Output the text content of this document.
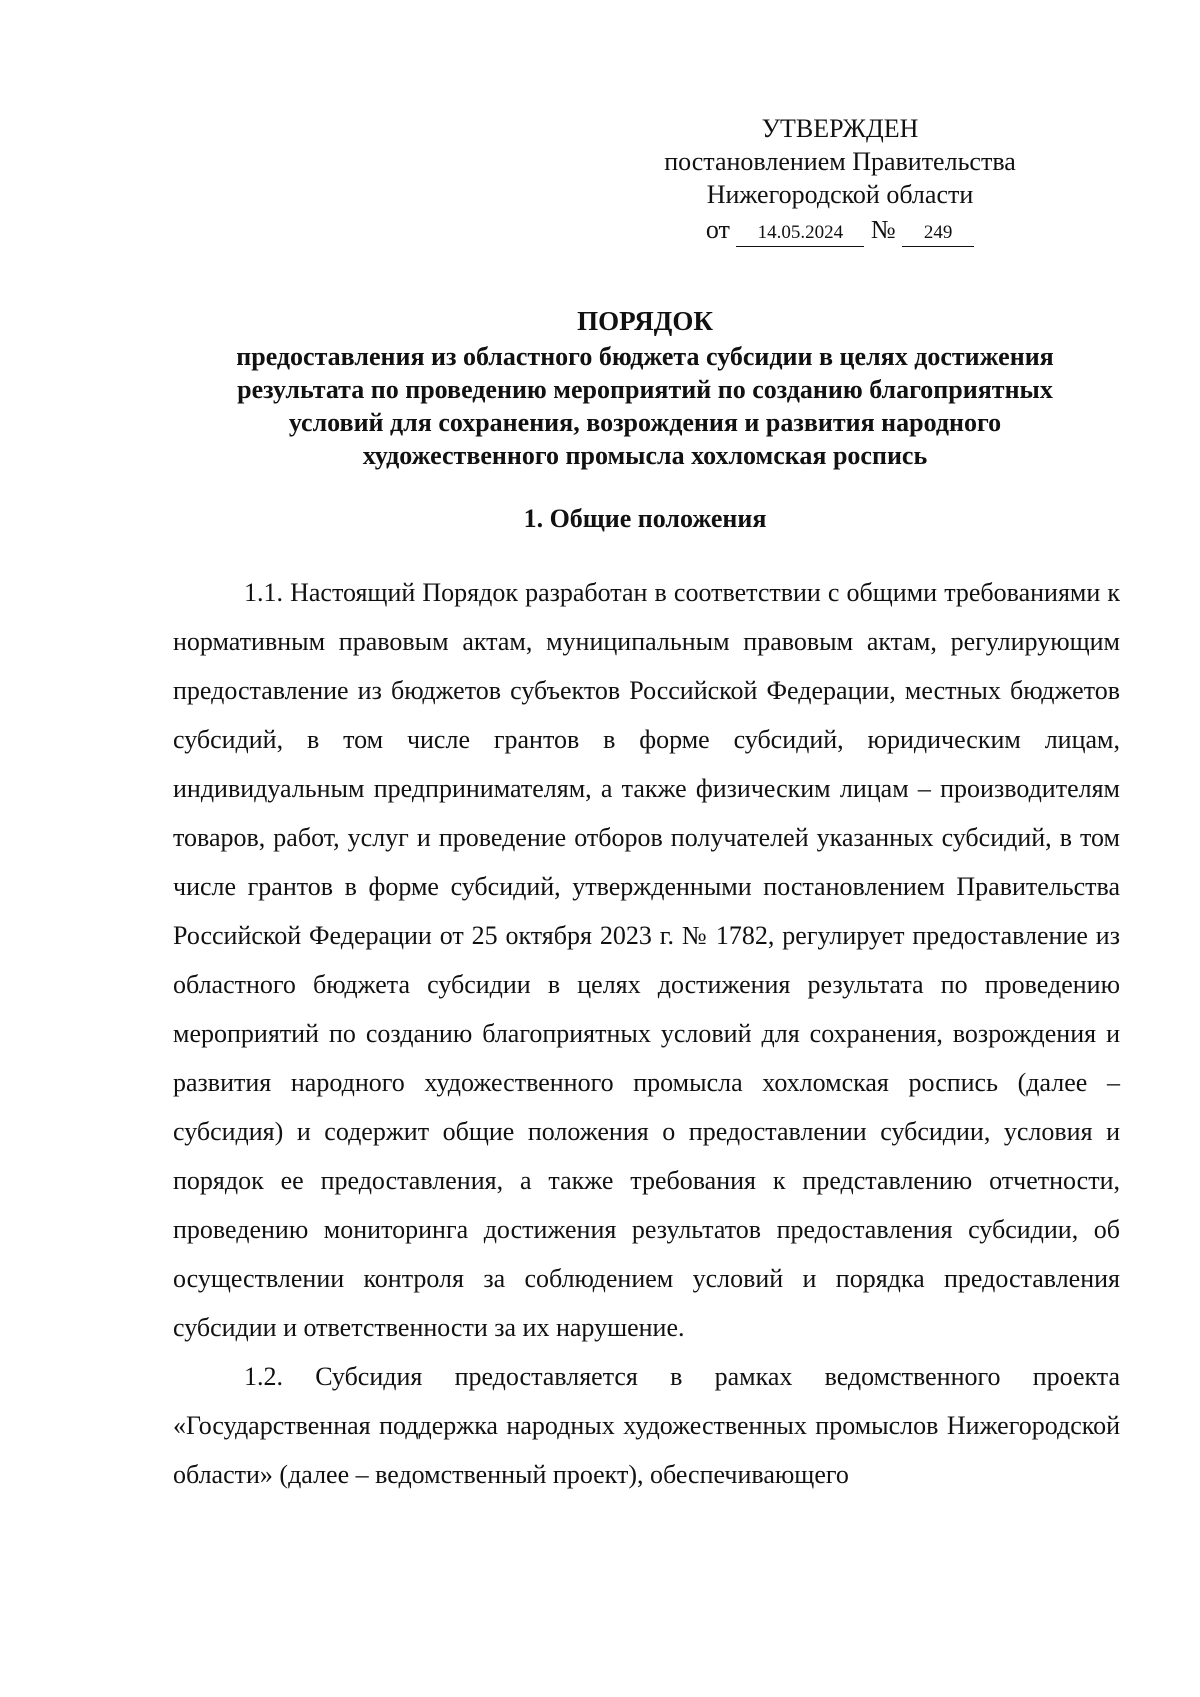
УТВЕРЖДЕН
постановлением Правительства
Нижегородской области
от 14.05.2024 № 249
ПОРЯДОК
предоставления из областного бюджета субсидии в целях достижения
результата по проведению мероприятий по созданию благоприятных
условий для сохранения, возрождения и развития народного
художественного промысла хохломская роспись
1. Общие положения

1.1. Настоящий Порядок разработан в соответствии с общими требованиями к нормативным правовым актам, муниципальным правовым актам, регулирующим предоставление из бюджетов субъектов Российской Федерации, местных бюджетов субсидий, в том числе грантов в форме субсидий, юридическим лицам, индивидуальным предпринимателям, а также физическим лицам – производителям товаров, работ, услуг и проведение отборов получателей указанных субсидий, в том числе грантов в форме субсидий, утвержденными постановлением Правительства Российской Федерации от 25 октября 2023 г. № 1782, регулирует предоставление из областного бюджета субсидии в целях достижения результата по проведению мероприятий по созданию благоприятных условий для сохранения, возрождения и развития народного художественного промысла хохломская роспись (далее – субсидия) и содержит общие положения о предоставлении субсидии, условия и порядок ее предоставления, а также требования к представлению отчетности, проведению мониторинга достижения результатов предоставления субсидии, об осуществлении контроля за соблюдением условий и порядка предоставления субсидии и ответственности за их нарушение.

1.2. Субсидия предоставляется в рамках ведомственного проекта «Государственная поддержка народных художественных промыслов Нижегородской области» (далее – ведомственный проект), обеспечивающего
